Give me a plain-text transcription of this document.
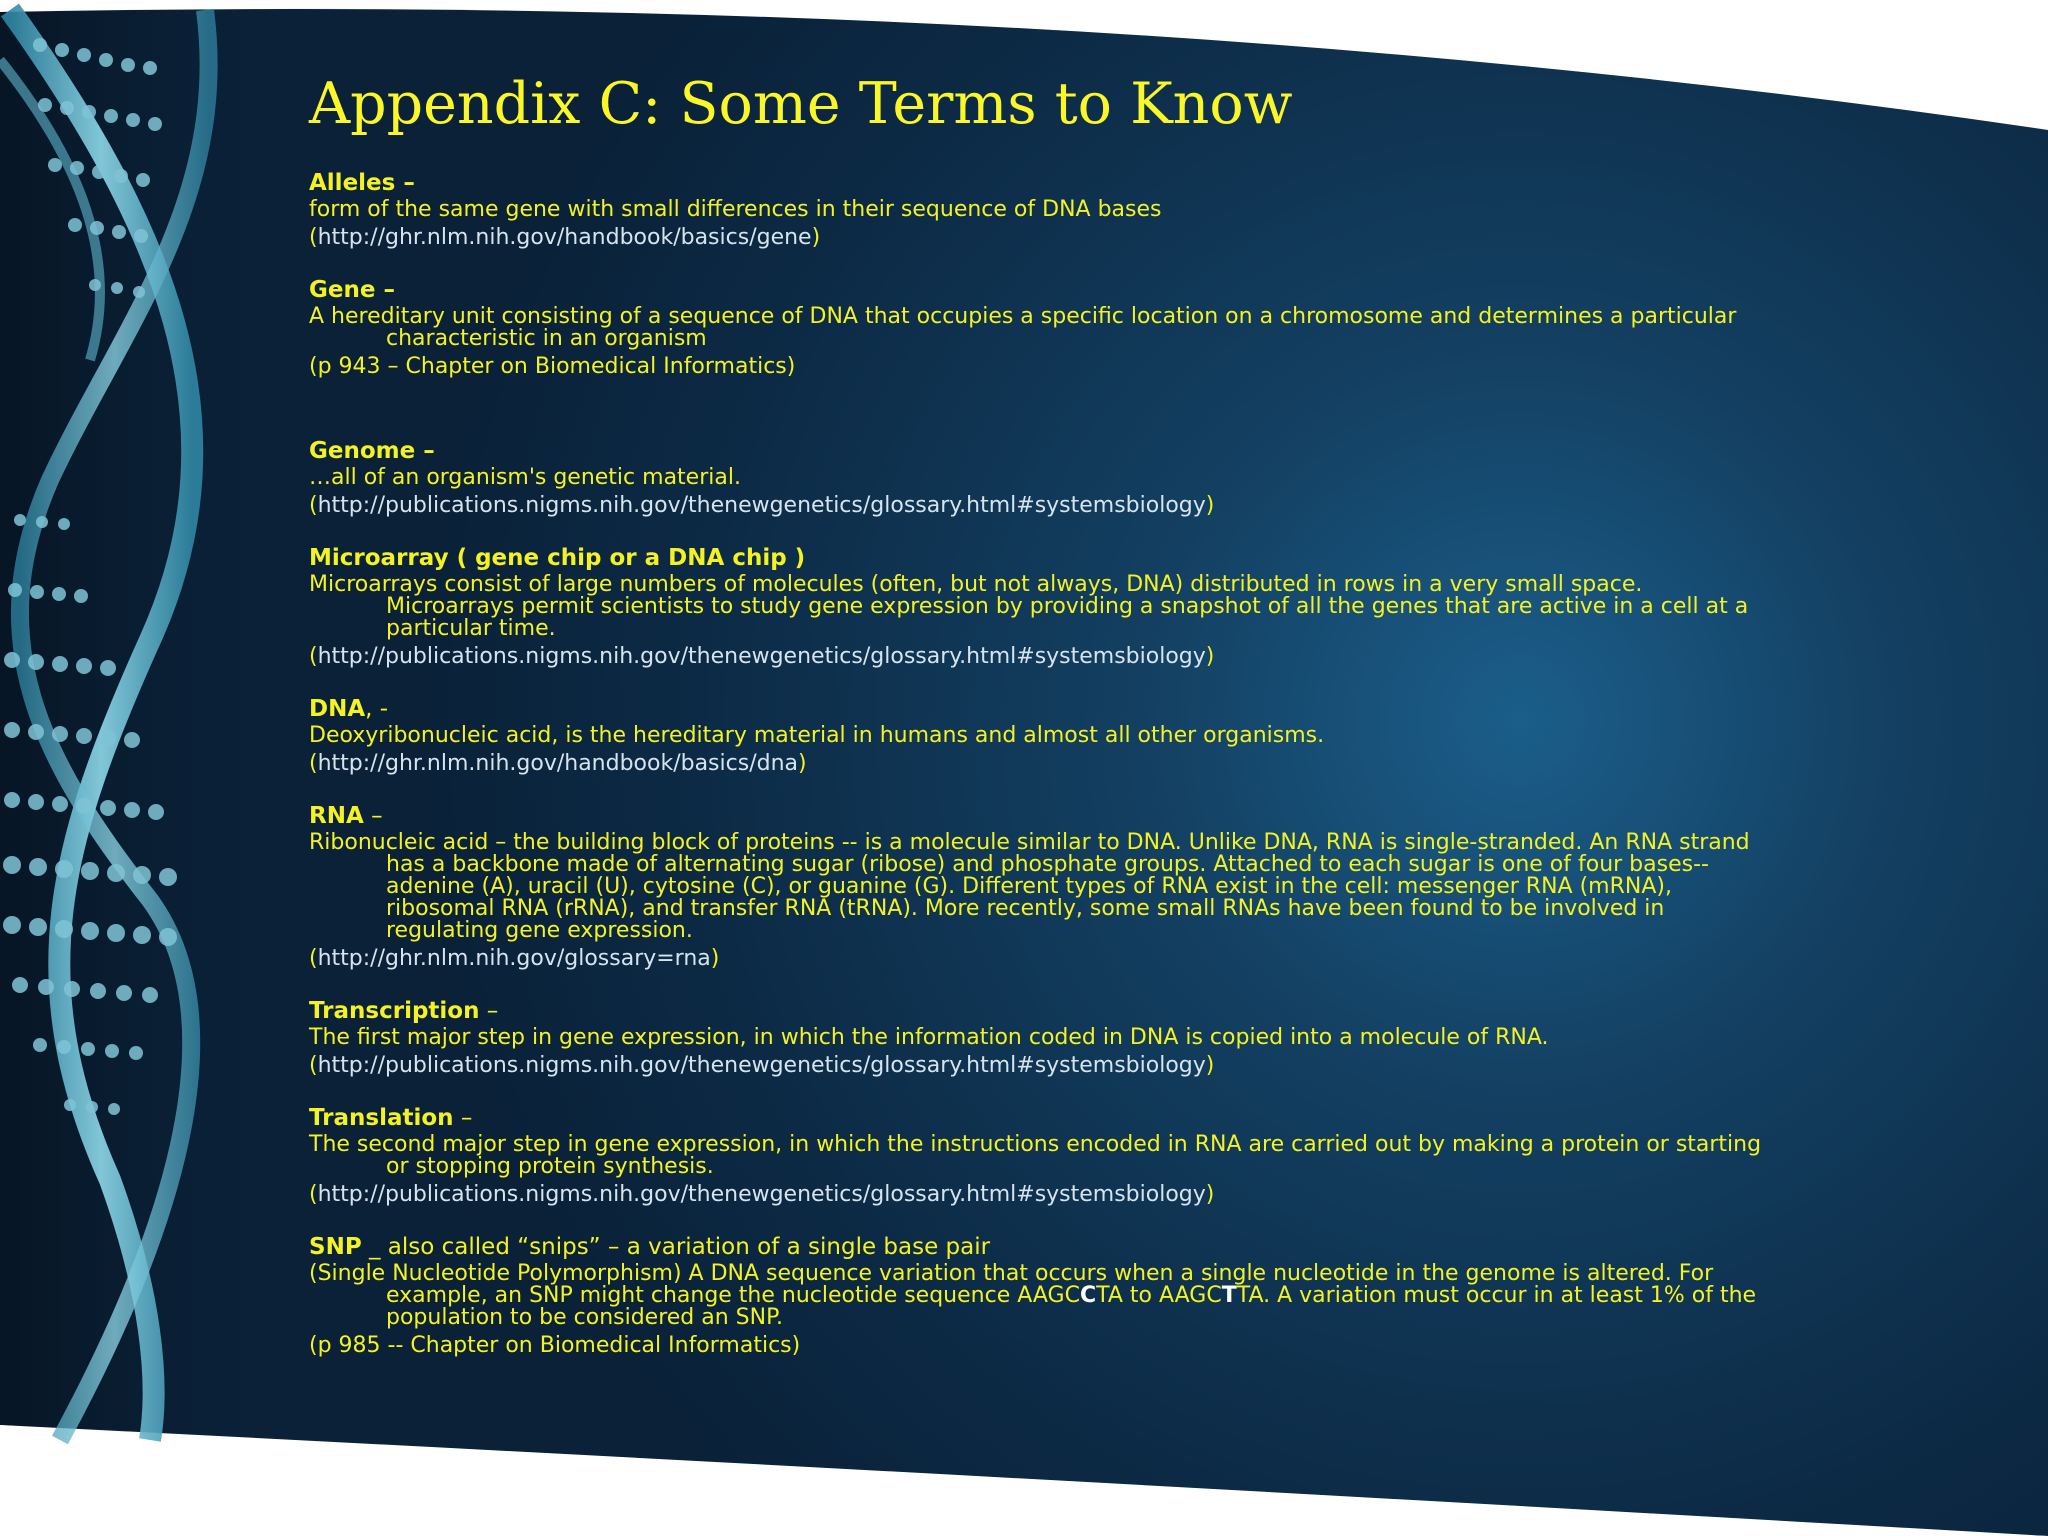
Appendix C: Some Terms to Know
Alleles –
form of the same gene with small differences in their sequence of DNA bases
(http://ghr.nlm.nih.gov/handbook/basics/gene)
Gene –
A hereditary unit consisting of a sequence of DNA that occupies a specific location on a chromosome and determines a particular characteristic in an organism
(p 943 – Chapter on Biomedical Informatics)
Genome –
…all of an organism's genetic material.
(http://publications.nigms.nih.gov/thenewgenetics/glossary.html#systemsbiology)
Microarray ( gene chip or a DNA chip )
Microarrays consist of large numbers of molecules (often, but not always, DNA) distributed in rows in a very small space. Microarrays permit scientists to study gene expression by providing a snapshot of all the genes that are active in a cell at a particular time.
(http://publications.nigms.nih.gov/thenewgenetics/glossary.html#systemsbiology)
DNA, -
Deoxyribonucleic acid, is the hereditary material in humans and almost all other organisms.
(http://ghr.nlm.nih.gov/handbook/basics/dna)
RNA –
Ribonucleic acid – the building block of proteins -- is a molecule similar to DNA. Unlike DNA, RNA is single-stranded. An RNA strand has a backbone made of alternating sugar (ribose) and phosphate groups. Attached to each sugar is one of four bases--adenine (A), uracil (U), cytosine (C), or guanine (G). Different types of RNA exist in the cell: messenger RNA (mRNA), ribosomal RNA (rRNA), and transfer RNA (tRNA). More recently, some small RNAs have been found to be involved in regulating gene expression.
(http://ghr.nlm.nih.gov/glossary=rna)
Transcription –
The first major step in gene expression, in which the information coded in DNA is copied into a molecule of RNA.
(http://publications.nigms.nih.gov/thenewgenetics/glossary.html#systemsbiology)
Translation –
The second major step in gene expression, in which the instructions encoded in RNA are carried out by making a protein or starting or stopping protein synthesis.
(http://publications.nigms.nih.gov/thenewgenetics/glossary.html#systemsbiology)
SNP _ also called “snips” – a variation of a single base pair
(Single Nucleotide Polymorphism) A DNA sequence variation that occurs when a single nucleotide in the genome is altered. For example, an SNP might change the nucleotide sequence AAGCCTA to AAGCTTA. A variation must occur in at least 1% of the population to be considered an SNP.
(p 985 -- Chapter on Biomedical Informatics)
